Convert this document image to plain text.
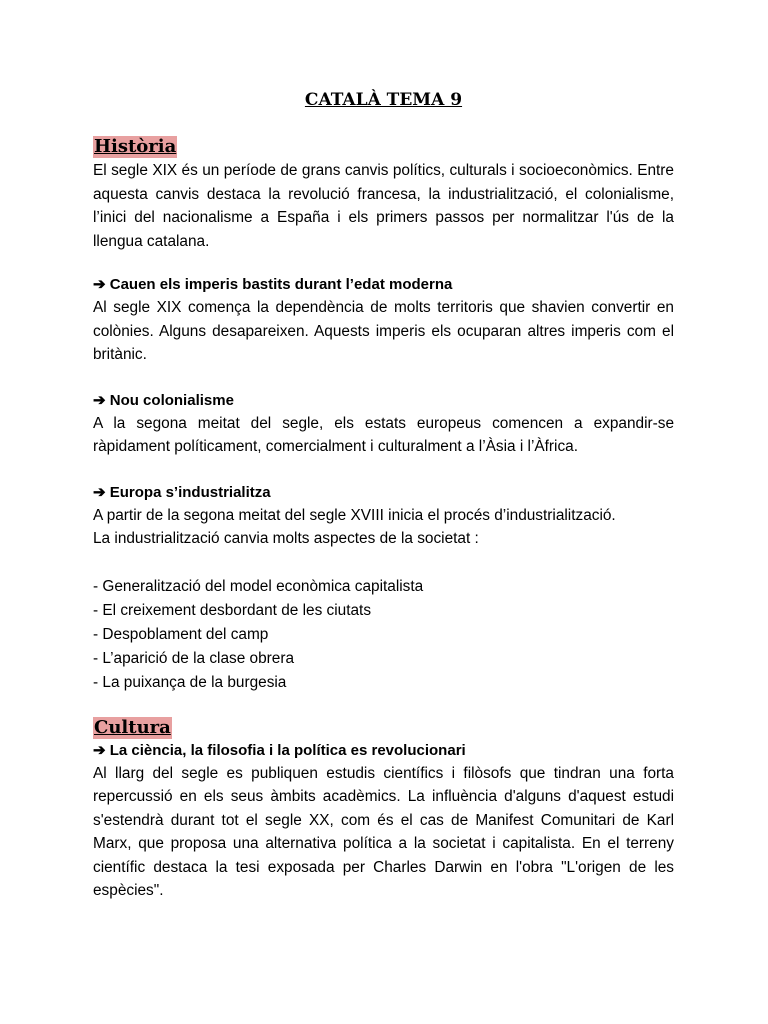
CATALÀ TEMA 9
Història

El segle XIX és un període de grans canvis polítics, culturals i socioeconòmics. Entre aquesta canvis destaca la revolució francesa, la industrialització, el colonialisme, l’inici del nacionalisme a España i els primers passos per normalitzar l'ús de la llengua catalana.

➔ Cauen els imperis bastits durant l’edat moderna

Al segle XIX comença la dependència de molts territoris que shavien convertir en colònies. Alguns desapareixen. Aquests imperis els ocuparan altres imperis com el britànic.

➔ Nou colonialisme

A la segona meitat del segle, els estats europeus comencen a expandir-se ràpidament políticament, comercialment i culturalment a l’Àsia i l’Àfrica.

➔ Europa s’industrialitza

A partir de la segona meitat del segle XVIII inicia el procés d’industrialització.

La industrialització canvia molts aspectes de la societat :

- Generalització del model econòmica capitalista
- El creixement desbordant de les ciutats
- Despoblament del camp
- L’aparició de la clase obrera
- La puixança de la burgesia
Cultura

➔ La ciència, la filosofia i la política es revolucionari

Al llarg del segle es publiquen estudis científics i filòsofs que tindran una forta repercussió en els seus àmbits acadèmics. La influència d'alguns d'aquest estudi s'estendrà durant tot el segle XX, com és el cas de Manifest Comunitari de Karl Marx, que proposa una alternativa política a la societat i capitalista. En el terreny científic destaca la tesi exposada per Charles Darwin en l'obra "L'origen de les espècies".
